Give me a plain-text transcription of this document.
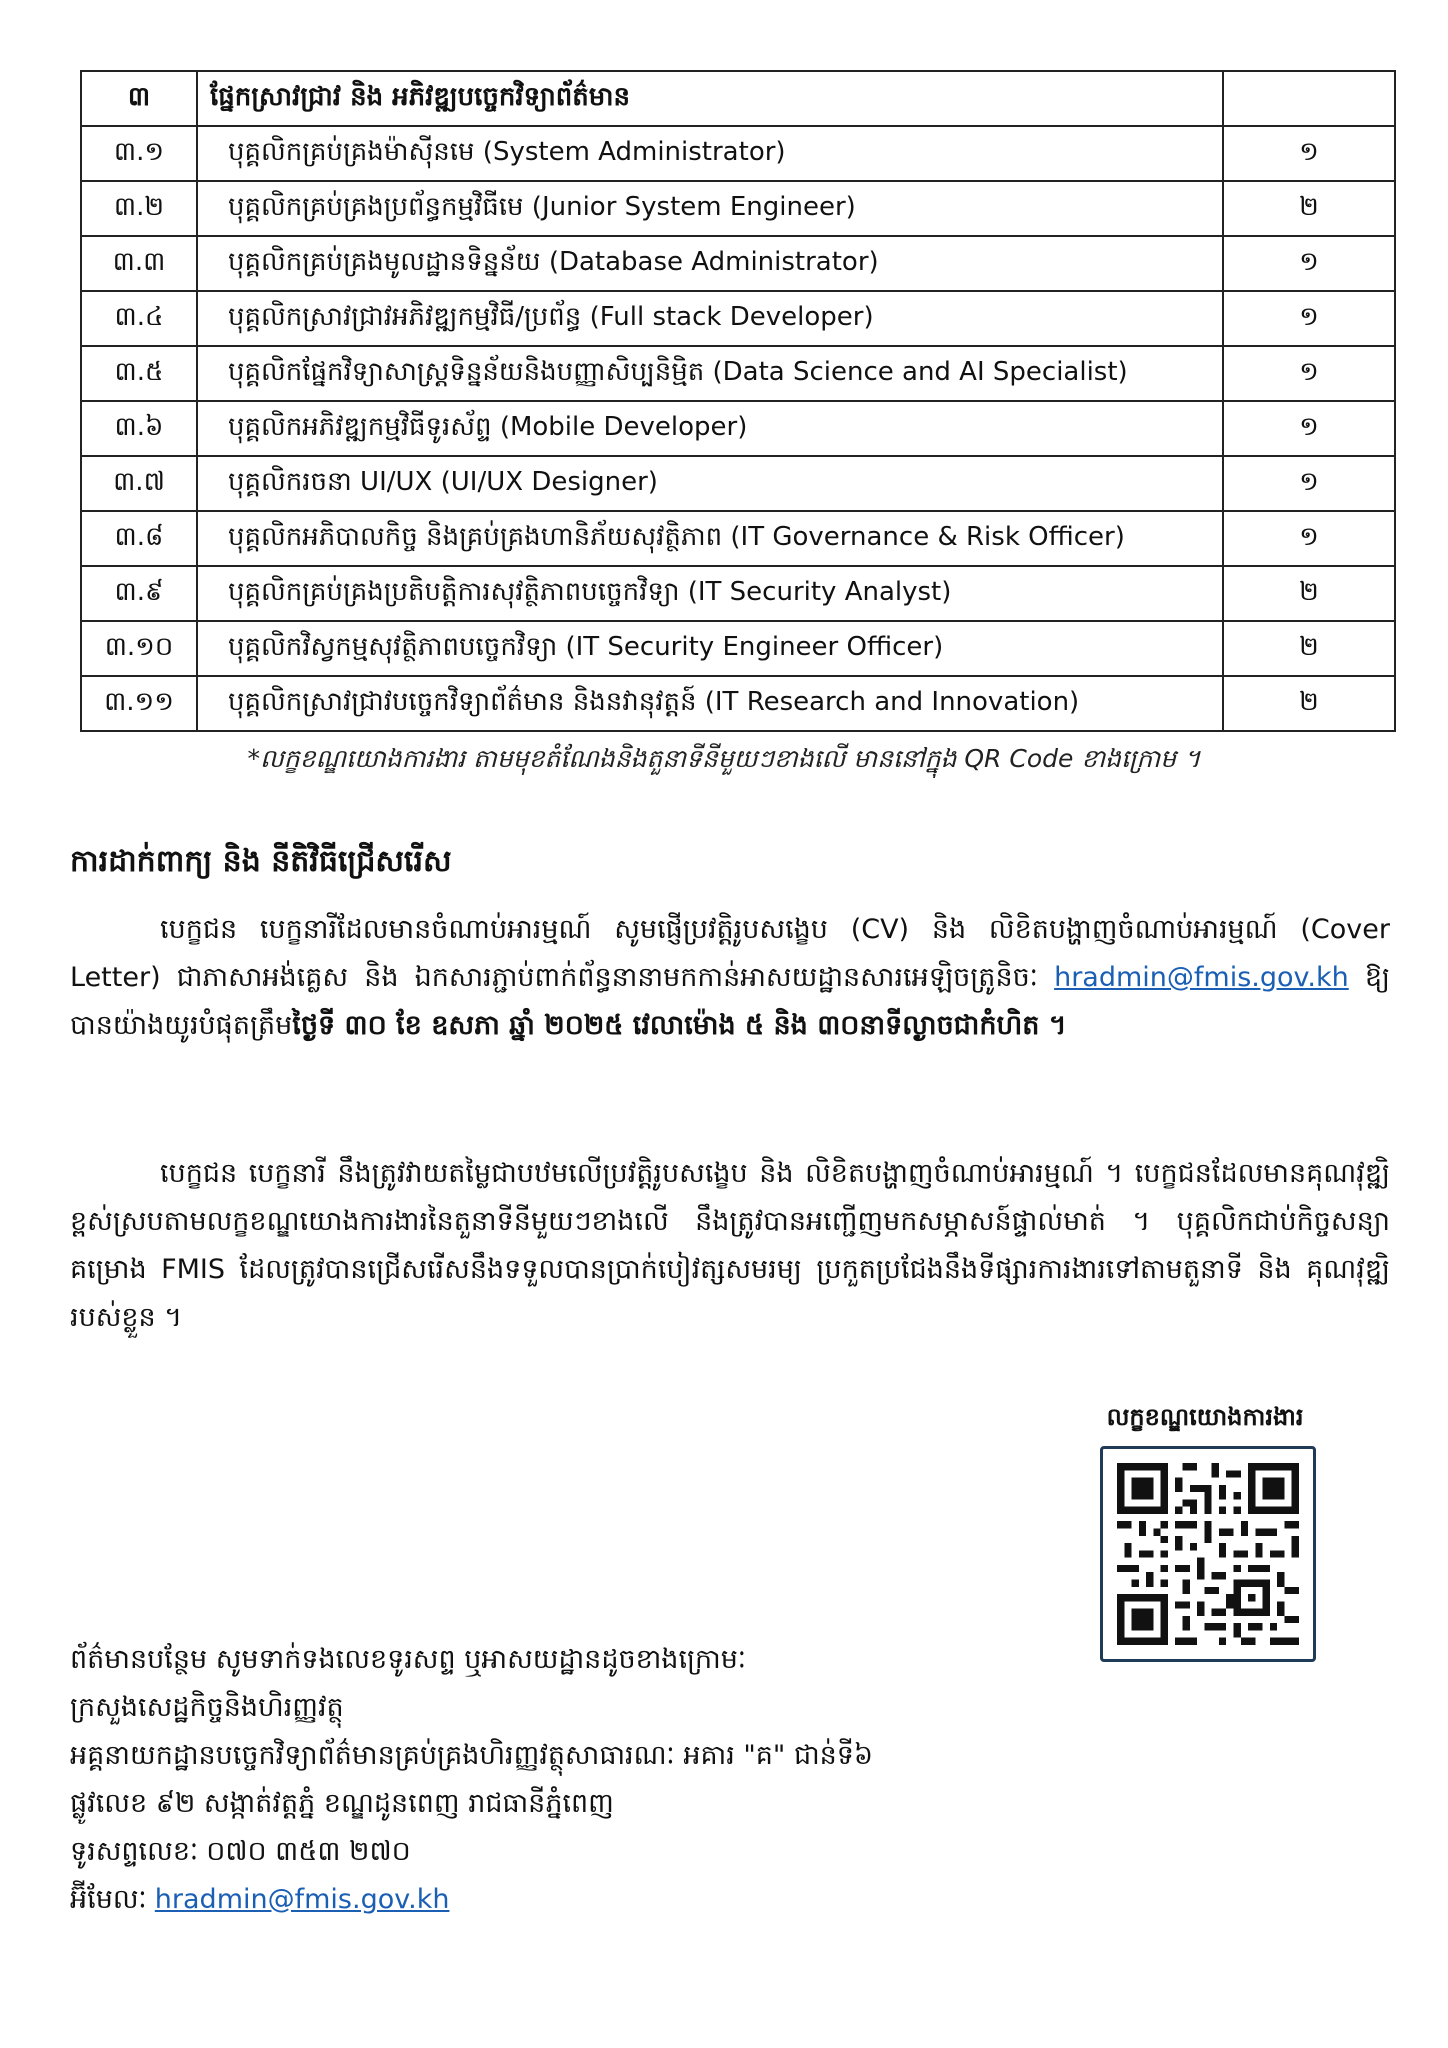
៣	ផ្នែកស្រាវជ្រាវ និង អភិវឌ្ឍបច្ចេកវិទ្យាព័ត៌មាន	
៣.១	បុគ្គលិកគ្រប់គ្រងម៉ាស៊ីនមេ (System Administrator)	១
៣.២	បុគ្គលិកគ្រប់គ្រងប្រព័ន្ធកម្មវិធីមេ (Junior System Engineer)	២
៣.៣	បុគ្គលិកគ្រប់គ្រងមូលដ្ឋានទិន្នន័យ (Database Administrator)	១
៣.៤	បុគ្គលិកស្រាវជ្រាវអភិវឌ្ឍកម្មវិធី/ប្រព័ន្ធ (Full stack Developer)	១
៣.៥	បុគ្គលិកផ្នែកវិទ្យាសាស្ត្រទិន្នន័យនិងបញ្ញាសិប្បនិម្មិត (Data Science and AI Specialist)	១
៣.៦	បុគ្គលិកអភិវឌ្ឍកម្មវិធីទូរស័ព្ទ (Mobile Developer)	១
៣.៧	បុគ្គលិករចនា UI/UX (UI/UX Designer)	១
៣.៨	បុគ្គលិកអភិបាលកិច្ច និងគ្រប់គ្រងហានិភ័យសុវត្ថិភាព (IT Governance & Risk Officer)	១
៣.៩	បុគ្គលិកគ្រប់គ្រងប្រតិបត្តិការសុវត្ថិភាពបច្ចេកវិទ្យា (IT Security Analyst)	២
៣.១០	បុគ្គលិកវិស្វកម្មសុវត្ថិភាពបច្ចេកវិទ្យា (IT Security Engineer Officer)	២
៣.១១	បុគ្គលិកស្រាវជ្រាវបច្ចេកវិទ្យាព័ត៌មាន និងនវានុវត្តន៍ (IT Research and Innovation)	២
*លក្ខខណ្ឌយោងការងារ តាមមុខតំណែងនិងតួនាទីនីមួយៗខាងលើ មាននៅក្នុង QR Code ខាងក្រោម ។
ការដាក់ពាក្យ និង នីតិវិធីជ្រើសរើស

បេក្ខជន បេក្ខនារីដែលមានចំណាប់អារម្មណ៍ សូមផ្ញើប្រវត្តិរូបសង្ខេប (CV) និង លិខិតបង្ហាញចំណាប់អារម្មណ៍ (Cover Letter) ជាភាសាអង់គ្លេស និង ឯកសារភ្ជាប់ពាក់ព័ន្ធនានាមកកាន់អាសយដ្ឋានសារអេឡិចត្រូនិចៈ hradmin@fmis.gov.kh ឱ្យបានយ៉ាងយូរបំផុតត្រឹមថ្ងៃទី ៣០ ខែ ឧសភា ឆ្នាំ ២០២៥ វេលាម៉ោង ៥ និង ៣០នាទីល្ងាចជាកំហិត ។

បេក្ខជន បេក្ខនារី នឹងត្រូវវាយតម្លៃជាបឋមលើប្រវត្តិរូបសង្ខេប និង លិខិតបង្ហាញចំណាប់អារម្មណ៍ ។ បេក្ខជនដែលមានគុណវុឌ្ឍិខ្ពស់ស្របតាមលក្ខខណ្ឌយោងការងារនៃតួនាទីនីមួយៗខាងលើ នឹងត្រូវបានអញ្ជើញមកសម្ភាសន៍ផ្ទាល់មាត់ ។ បុគ្គលិកជាប់កិច្ចសន្យាគម្រោង FMIS ដែលត្រូវបានជ្រើសរើសនឹងទទួលបានប្រាក់បៀវត្សសមរម្យ ប្រកួតប្រជែងនឹងទីផ្សារការងារទៅតាមតួនាទី និង គុណវុឌ្ឍិរបស់ខ្លួន ។

លក្ខខណ្ឌយោងការងារ
ព័ត៌មានបន្ថែម សូមទាក់ទងលេខទូរសព្ទ ឬអាសយដ្ឋានដូចខាងក្រោមៈ
ក្រសួងសេដ្ឋកិច្ចនិងហិរញ្ញវត្ថុ
អគ្គនាយកដ្ឋានបច្ចេកវិទ្យាព័ត៌មានគ្រប់គ្រងហិរញ្ញវត្ថុសាធារណៈ អគារ "គ" ជាន់ទី៦
ផ្លូវលេខ ៩២ សង្កាត់វត្តភ្នំ ខណ្ឌដូនពេញ រាជធានីភ្នំពេញ
ទូរសព្ទលេខៈ ០៧០ ៣៥៣ ២៧០
អ៊ីមែលៈ hradmin@fmis.gov.kh
